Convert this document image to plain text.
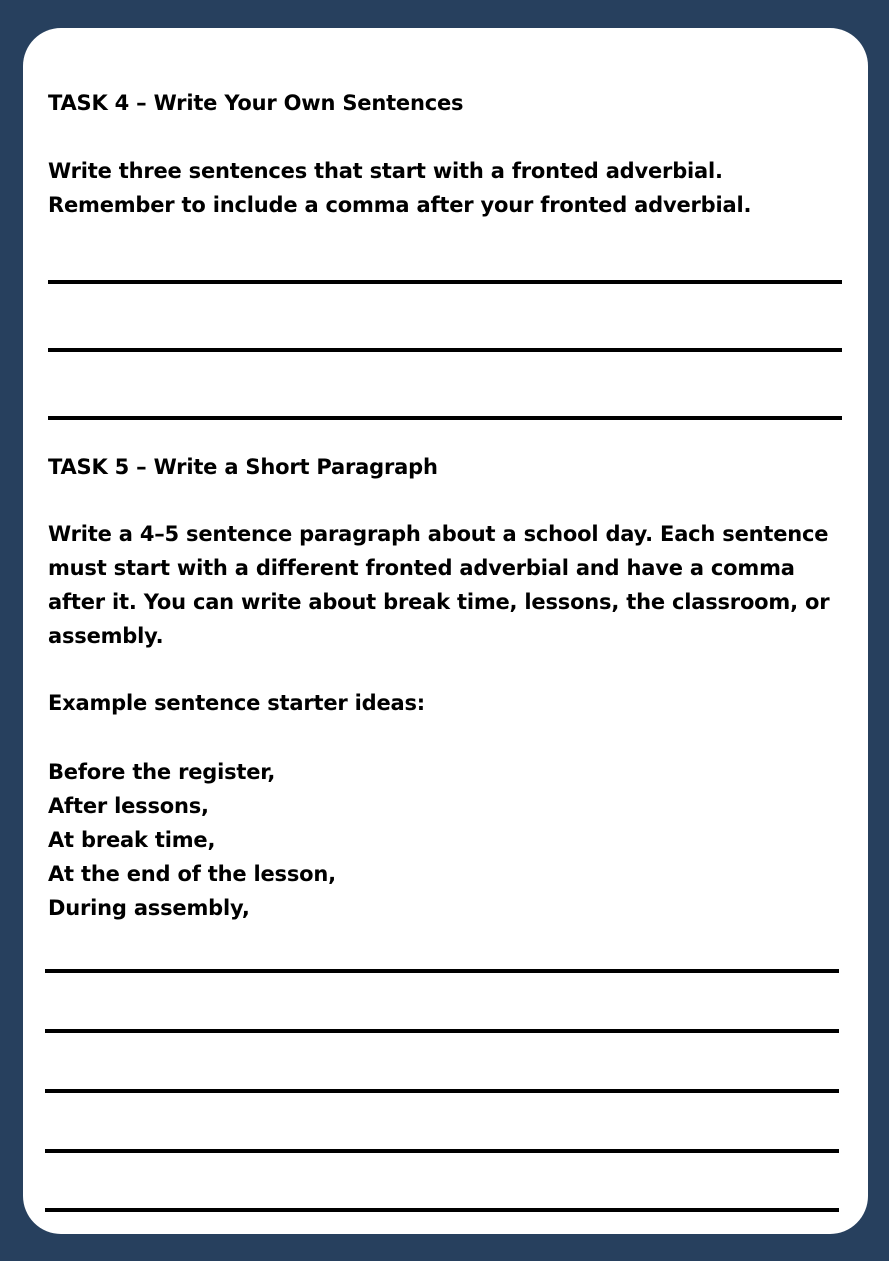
TASK 4 – Write Your Own Sentences

Write three sentences that start with a fronted adverbial.

Remember to include a comma after your fronted adverbial.

TASK 5 – Write a Short Paragraph

Write a 4–5 sentence paragraph about a school day. Each sentence

must start with a different fronted adverbial and have a comma

after it. You can write about break time, lessons, the classroom, or

assembly.

Example sentence starter ideas:

Before the register,

After lessons,

At break time,

At the end of the lesson,

During assembly,
